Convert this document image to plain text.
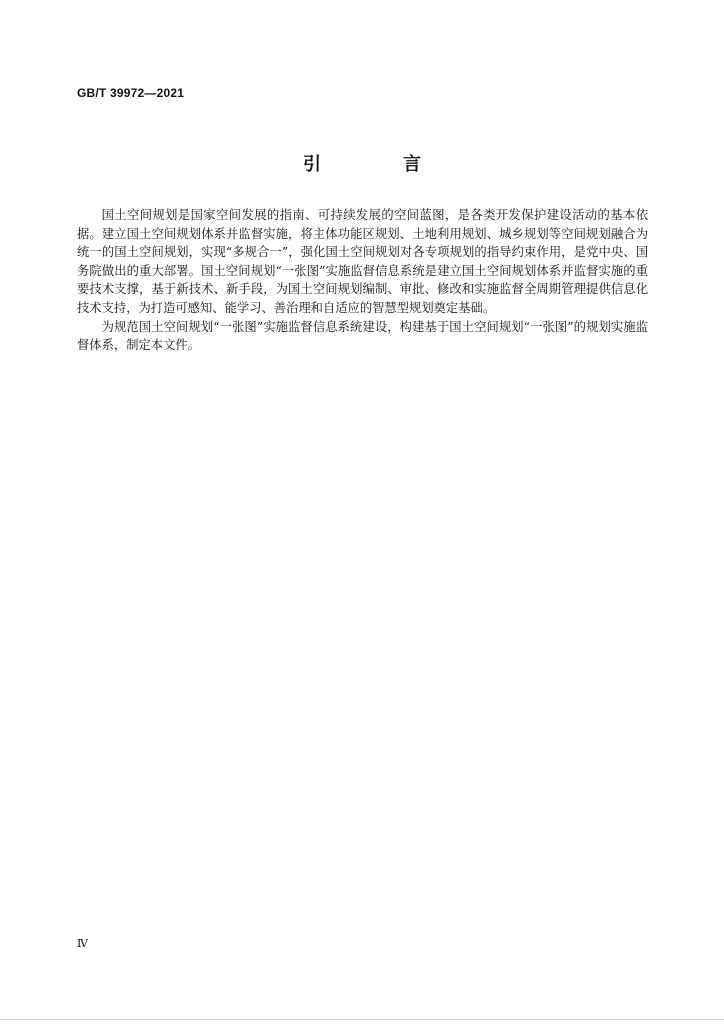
GB/T 39972—2021
引　言

国土空间规划是国家空间发展的指南、可持续发展的空间蓝图，是各类开发保护建设活动的基本依据。建立国土空间规划体系并监督实施，将主体功能区规划、土地利用规划、城乡规划等空间规划融合为统一的国土空间规划，实现“多规合一”，强化国土空间规划对各专项规划的指导约束作用，是党中央、国务院做出的重大部署。国土空间规划“一张图”实施监督信息系统是建立国土空间规划体系并监督实施的重要技术支撑，基于新技术、新手段，为国土空间规划编制、审批、修改和实施监督全周期管理提供信息化技术支持，为打造可感知、能学习、善治理和自适应的智慧型规划奠定基础。

为规范国土空间规划“一张图”实施监督信息系统建设，构建基于国土空间规划“一张图”的规划实施监督体系，制定本文件。

Ⅳ
